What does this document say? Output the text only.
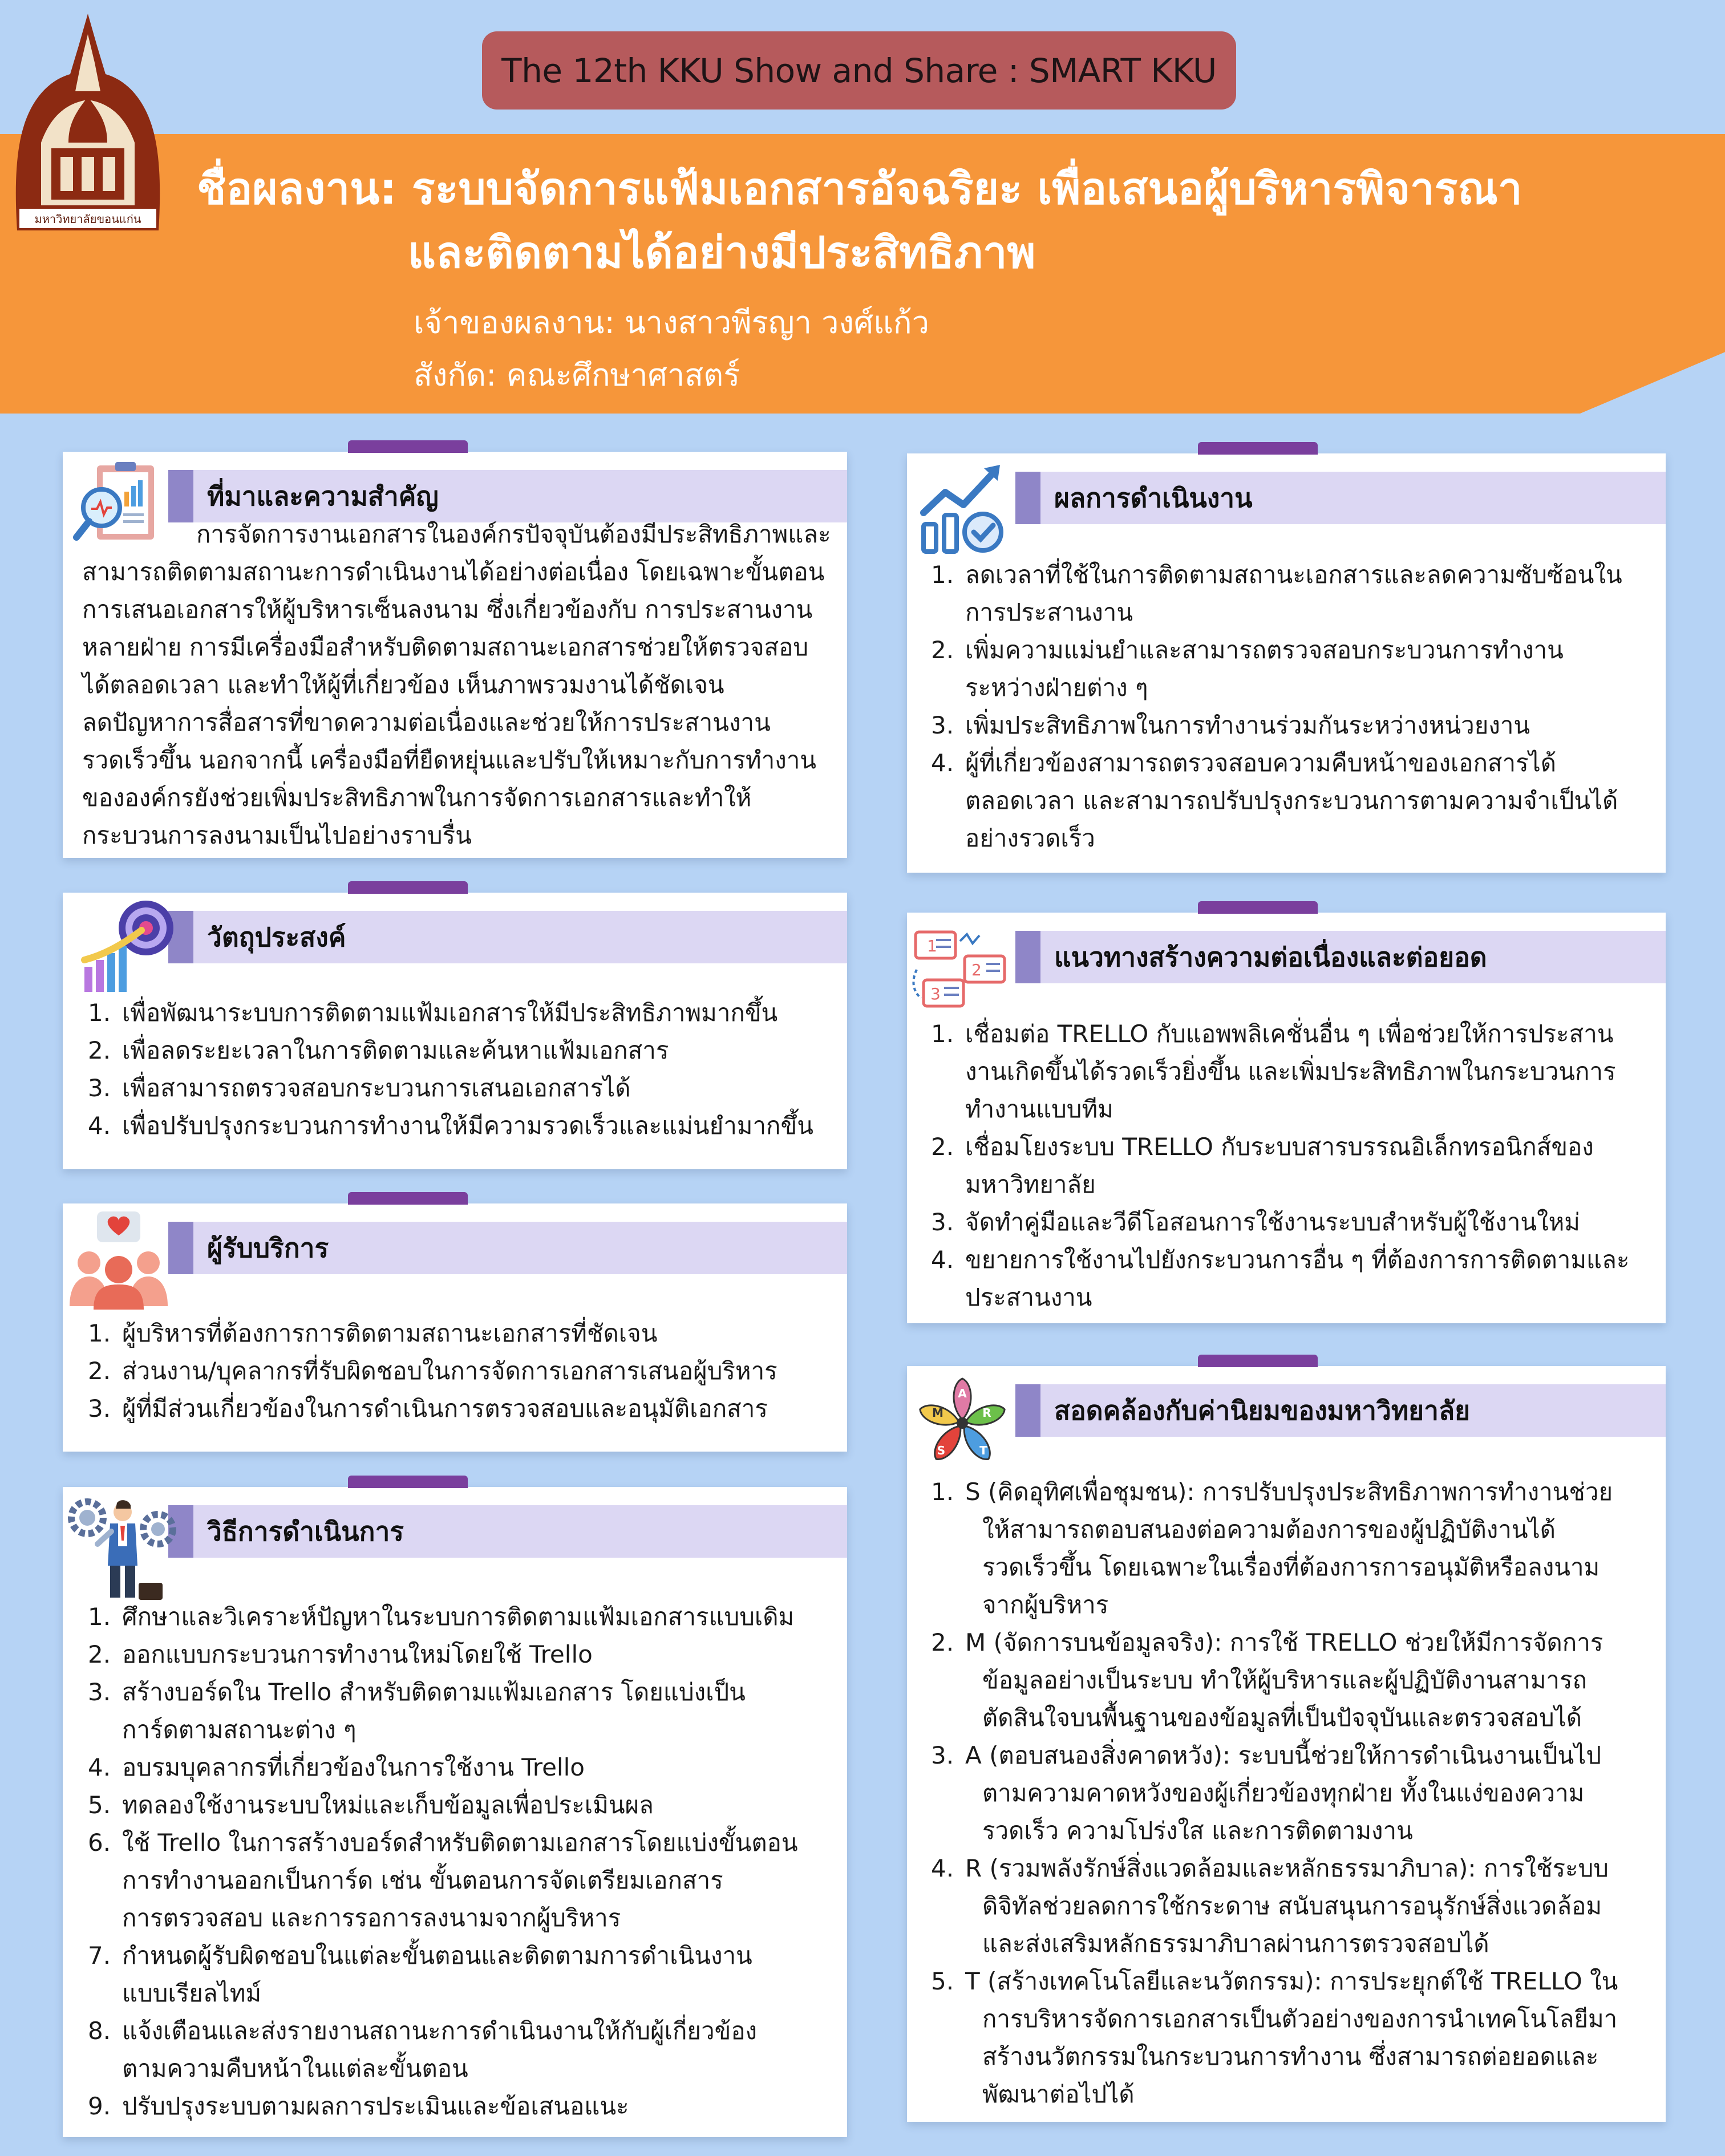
The 12th KKU Show and Share : SMART KKU
มหาวิทยาลัยขอนแก่น
ชื่อผลงาน: ระบบจัดการแฟ้มเอกสารอัจฉริยะ เพื่อเสนอผู้บริหารพิจารณา
และติดตามได้อย่างมีประสิทธิภาพ
เจ้าของผลงาน: นางสาวพีรญา วงศ์แก้ว
สังกัด: คณะศึกษาศาสตร์
ที่มาและความสำคัญ
การจัดการงานเอกสารในองค์กรปัจจุบันต้องมีประสิทธิภาพและ
สามารถติดตามสถานะการดำเนินงานได้อย่างต่อเนื่อง โดยเฉพาะขั้นตอน
การเสนอเอกสารให้ผู้บริหารเซ็นลงนาม ซึ่งเกี่ยวข้องกับ การประสานงาน
หลายฝ่าย การมีเครื่องมือสำหรับติดตามสถานะเอกสารช่วยให้ตรวจสอบ
ได้ตลอดเวลา และทำให้ผู้ที่เกี่ยวข้อง เห็นภาพรวมงานได้ชัดเจน
ลดปัญหาการสื่อสารที่ขาดความต่อเนื่องและช่วยให้การประสานงาน
รวดเร็วขึ้น นอกจากนี้ เครื่องมือที่ยืดหยุ่นและปรับให้เหมาะกับการทำงาน
ขององค์กรยังช่วยเพิ่มประสิทธิภาพในการจัดการเอกสารและทำให้
กระบวนการลงนามเป็นไปอย่างราบรื่น
วัตถุประสงค์
1. เพื่อพัฒนาระบบการติดตามแฟ้มเอกสารให้มีประสิทธิภาพมากขึ้น
2. เพื่อลดระยะเวลาในการติดตามและค้นหาแฟ้มเอกสาร
3. เพื่อสามารถตรวจสอบกระบวนการเสนอเอกสารได้
4. เพื่อปรับปรุงกระบวนการทำงานให้มีความรวดเร็วและแม่นยำมากขึ้น
ผู้รับบริการ
1. ผู้บริหารที่ต้องการการติดตามสถานะเอกสารที่ชัดเจน
2. ส่วนงาน/บุคลากรที่รับผิดชอบในการจัดการเอกสารเสนอผู้บริหาร
3. ผู้ที่มีส่วนเกี่ยวข้องในการดำเนินการตรวจสอบและอนุมัติเอกสาร
วิธีการดำเนินการ
1. ศึกษาและวิเคราะห์ปัญหาในระบบการติดตามแฟ้มเอกสารแบบเดิม
2. ออกแบบกระบวนการทำงานใหม่โดยใช้ Trello
3. สร้างบอร์ดใน Trello สำหรับติดตามแฟ้มเอกสาร โดยแบ่งเป็น
การ์ดตามสถานะต่าง ๆ
4. อบรมบุคลากรที่เกี่ยวข้องในการใช้งาน Trello
5. ทดลองใช้งานระบบใหม่และเก็บข้อมูลเพื่อประเมินผล
6. ใช้ Trello ในการสร้างบอร์ดสำหรับติดตามเอกสารโดยแบ่งขั้นตอน
การทำงานออกเป็นการ์ด เช่น ขั้นตอนการจัดเตรียมเอกสาร
การตรวจสอบ และการรอการลงนามจากผู้บริหาร
7. กำหนดผู้รับผิดชอบในแต่ละขั้นตอนและติดตามการดำเนินงาน
แบบเรียลไทม์
8. แจ้งเตือนและส่งรายงานสถานะการดำเนินงานให้กับผู้เกี่ยวข้อง
ตามความคืบหน้าในแต่ละขั้นตอน
9. ปรับปรุงระบบตามผลการประเมินและข้อเสนอแนะ
ผลการดำเนินงาน
1. ลดเวลาที่ใช้ในการติดตามสถานะเอกสารและลดความซับซ้อนใน
การประสานงาน
2. เพิ่มความแม่นยำและสามารถตรวจสอบกระบวนการทำงาน
ระหว่างฝ่ายต่าง ๆ
3. เพิ่มประสิทธิภาพในการทำงานร่วมกันระหว่างหน่วยงาน
4. ผู้ที่เกี่ยวข้องสามารถตรวจสอบความคืบหน้าของเอกสารได้
ตลอดเวลา และสามารถปรับปรุงกระบวนการตามความจำเป็นได้
อย่างรวดเร็ว
แนวทางสร้างความต่อเนื่องและต่อยอด
1
2
3
1. เชื่อมต่อ TRELLO กับแอพพลิเคชั่นอื่น ๆ เพื่อช่วยให้การประสาน
งานเกิดขึ้นได้รวดเร็วยิ่งขึ้น และเพิ่มประสิทธิภาพในกระบวนการ
ทำงานแบบทีม
2. เชื่อมโยงระบบ TRELLO กับระบบสารบรรณอิเล็กทรอนิกส์ของ
มหาวิทยาลัย
3. จัดทำคู่มือและวีดีโอสอนการใช้งานระบบสำหรับผู้ใช้งานใหม่
4. ขยายการใช้งานไปยังกระบวนการอื่น ๆ ที่ต้องการการติดตามและ
ประสานงาน
สอดคล้องกับค่านิยมของมหาวิทยาลัย
S
M
A
R
T
1. S (คิดอุทิศเพื่อชุมชน): การปรับปรุงประสิทธิภาพการทำงานช่วย
ให้สามารถตอบสนองต่อความต้องการของผู้ปฏิบัติงานได้
รวดเร็วขึ้น โดยเฉพาะในเรื่องที่ต้องการการอนุมัติหรือลงนาม
จากผู้บริหาร
2. M (จัดการบนข้อมูลจริง): การใช้ TRELLO ช่วยให้มีการจัดการ
ข้อมูลอย่างเป็นระบบ ทำให้ผู้บริหารและผู้ปฏิบัติงานสามารถ
ตัดสินใจบนพื้นฐานของข้อมูลที่เป็นปัจจุบันและตรวจสอบได้
3. A (ตอบสนองสิ่งคาดหวัง): ระบบนี้ช่วยให้การดำเนินงานเป็นไป
ตามความคาดหวังของผู้เกี่ยวข้องทุกฝ่าย ทั้งในแง่ของความ
รวดเร็ว ความโปร่งใส และการติดตามงาน
4. R (รวมพลังรักษ์สิ่งแวดล้อมและหลักธรรมาภิบาล): การใช้ระบบ
ดิจิทัลช่วยลดการใช้กระดาษ สนับสนุนการอนุรักษ์สิ่งแวดล้อม
และส่งเสริมหลักธรรมาภิบาลผ่านการตรวจสอบได้
5. T (สร้างเทคโนโลยีและนวัตกรรม): การประยุกต์ใช้ TRELLO ใน
การบริหารจัดการเอกสารเป็นตัวอย่างของการนำเทคโนโลยีมา
สร้างนวัตกรรมในกระบวนการทำงาน ซึ่งสามารถต่อยอดและ
พัฒนาต่อไปได้
